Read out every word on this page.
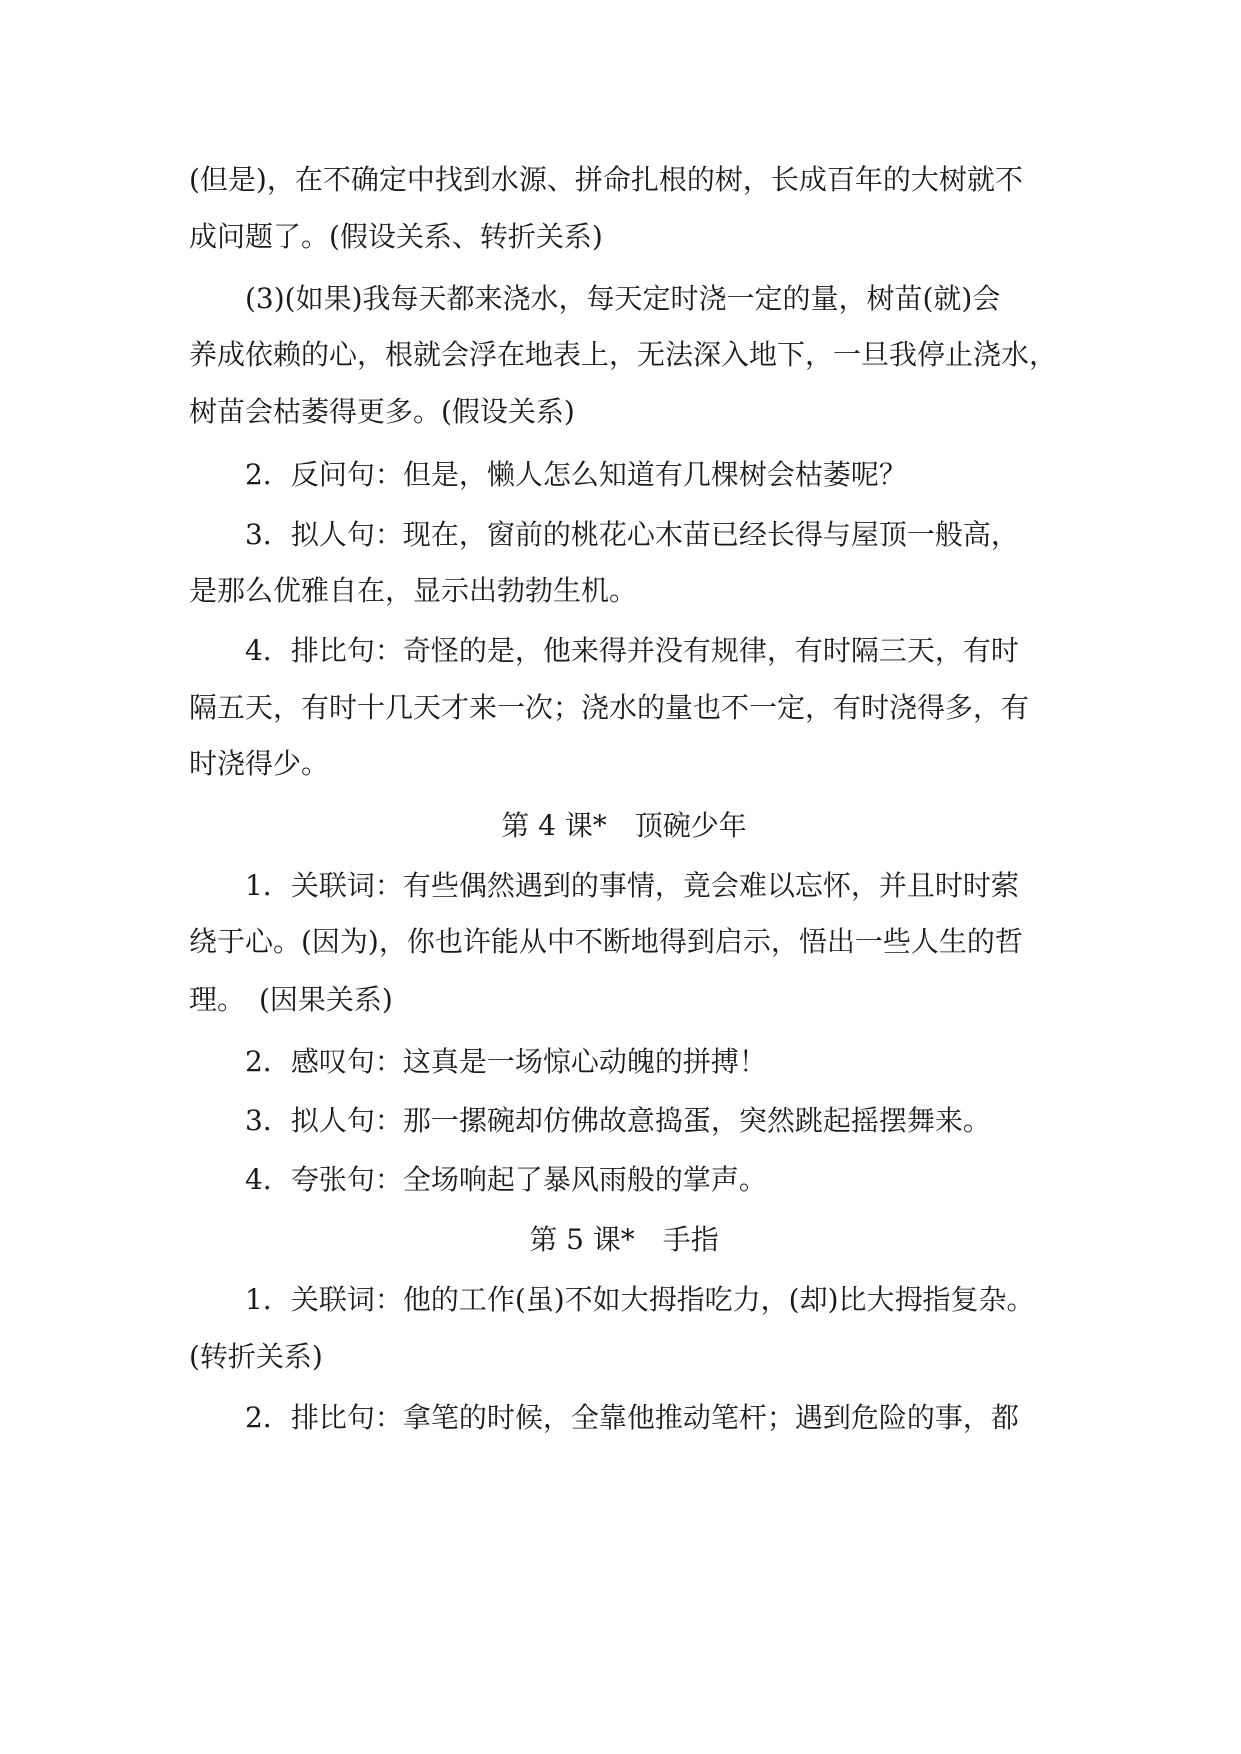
(但是)，在不确定中找到水源、拼命扎根的树，长成百年的大树就不
成问题了。(假设关系、转折关系)
(3)(如果)我每天都来浇水，每天定时浇一定的量，树苗(就)会
养成依赖的心，根就会浮在地表上，无法深入地下，一旦我停止浇水，
树苗会枯萎得更多。(假设关系)
2．反问句：但是，懒人怎么知道有几棵树会枯萎呢？
3．拟人句：现在，窗前的桃花心木苗已经长得与屋顶一般高，
是那么优雅自在，显示出勃勃生机。
4．排比句：奇怪的是，他来得并没有规律，有时隔三天，有时
隔五天，有时十几天才来一次；浇水的量也不一定，有时浇得多，有
时浇得少。
第 4 课*　顶碗少年
1．关联词：有些偶然遇到的事情，竟会难以忘怀，并且时时萦
绕于心。(因为)，你也许能从中不断地得到启示，悟出一些人生的哲
理。　(因果关系)
2．感叹句：这真是一场惊心动魄的拼搏！
3．拟人句：那一摞碗却仿佛故意捣蛋，突然跳起摇摆舞来。
4．夸张句：全场响起了暴风雨般的掌声。
第 5 课*　手指
1．关联词：他的工作(虽)不如大拇指吃力，(却)比大拇指复杂。
(转折关系)
2．排比句：拿笔的时候，全靠他推动笔杆；遇到危险的事，都
